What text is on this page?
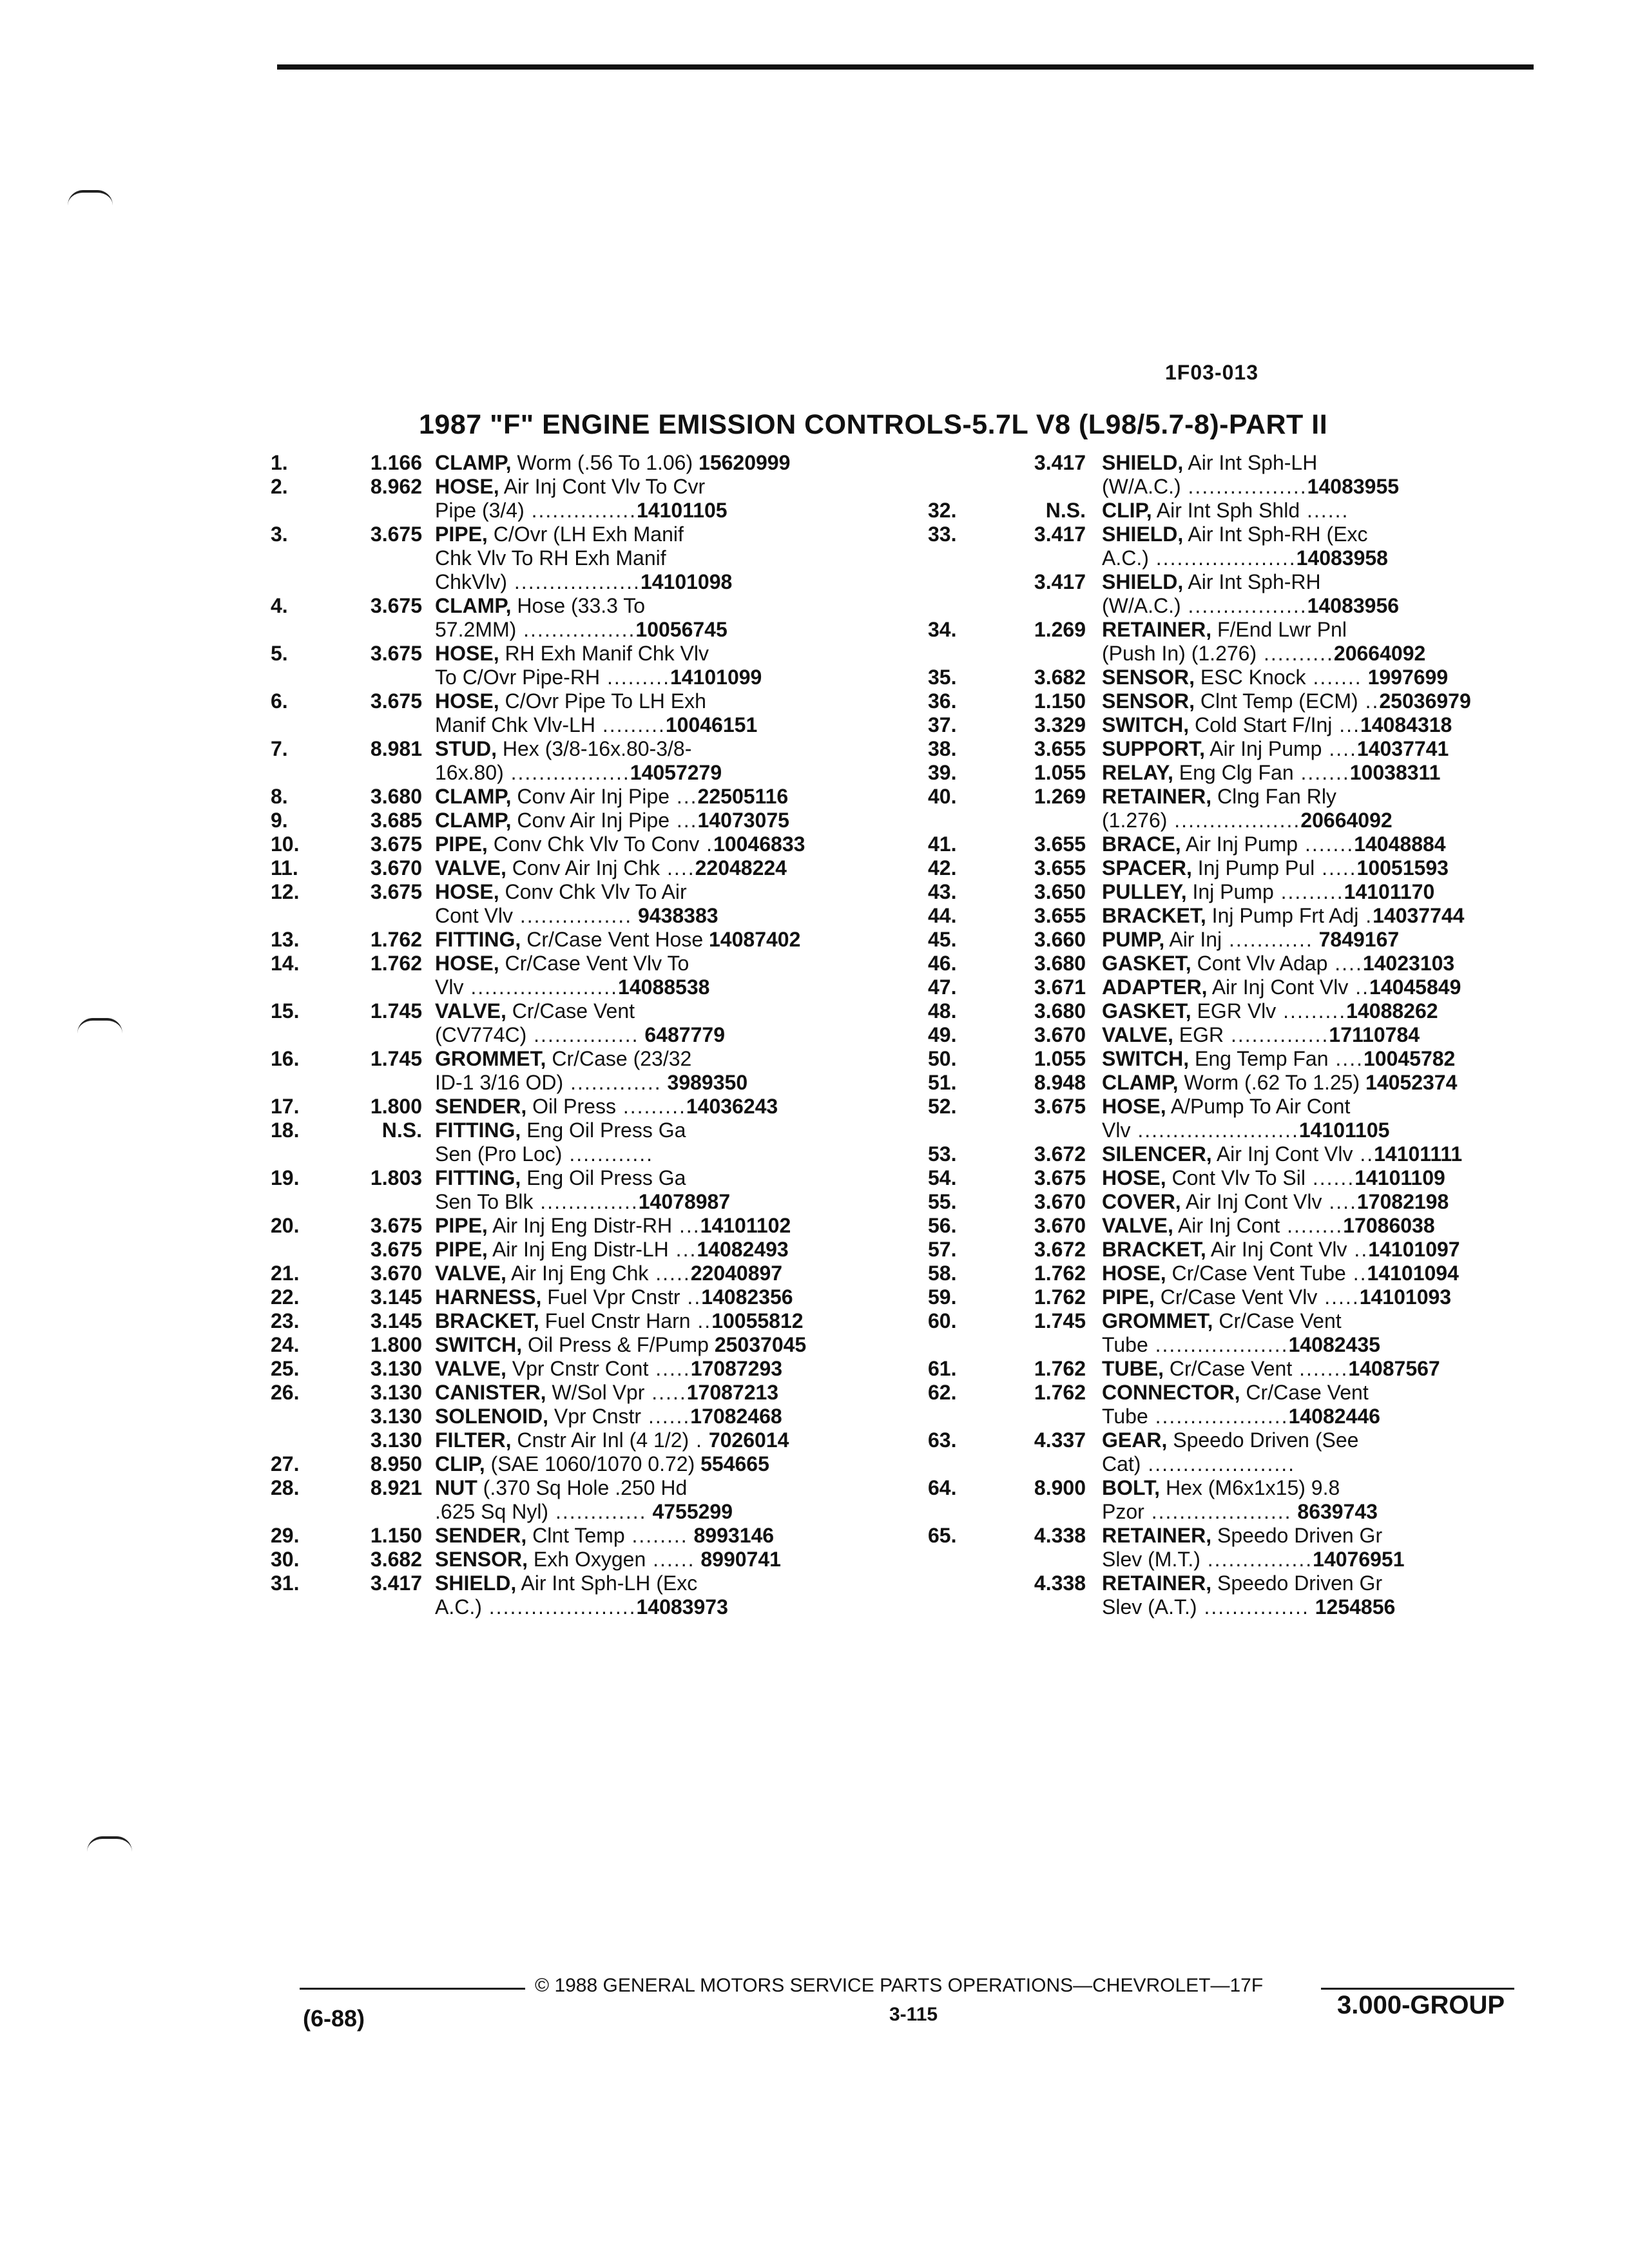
1F03-013
1987 "F" ENGINE EMISSION CONTROLS-5.7L V8 (L98/5.7-8)-PART II
1.	1.166 CLAMP, Worm (.56 To 1.06) 15620999
2.	8.962 HOSE, Air Inj Cont Vlv To Cvr
Pipe (3/4) ...............14101105
3.	3.675 PIPE, C/Ovr (LH Exh Manif
Chk Vlv To RH Exh Manif
ChkVlv) ..................14101098
4.	3.675 CLAMP, Hose (33.3 To
57.2MM) ................10056745
5.	3.675 HOSE, RH Exh Manif Chk Vlv
To C/Ovr Pipe-RH .........14101099
6.	3.675 HOSE, C/Ovr Pipe To LH Exh
Manif Chk Vlv-LH .........10046151
7.	8.981 STUD, Hex (3/8-16x.80-3/8-
16x.80) .................14057279
8.	3.680 CLAMP, Conv Air Inj Pipe ...22505116
9.	3.685 CLAMP, Conv Air Inj Pipe ...14073075
10.	3.675 PIPE, Conv Chk Vlv To Conv .10046833
11.	3.670 VALVE, Conv Air Inj Chk ....22048224
12.	3.675 HOSE, Conv Chk Vlv To Air
Cont Vlv ................ 9438383
13.	1.762 FITTING, Cr/Case Vent Hose 14087402
14.	1.762 HOSE, Cr/Case Vent Vlv To
Vlv .....................14088538
15.	1.745 VALVE, Cr/Case Vent
(CV774C) ............... 6487779
16.	1.745 GROMMET, Cr/Case (23/32
ID-1 3/16 OD) ............. 3989350
17.	1.800 SENDER, Oil Press .........14036243
18.	N.S. FITTING, Eng Oil Press Ga
Sen (Pro Loc) ............
19.	1.803 FITTING, Eng Oil Press Ga
Sen To Blk ..............14078987
20.	3.675 PIPE, Air Inj Eng Distr-RH ...14101102
3.675 PIPE, Air Inj Eng Distr-LH ...14082493
21.	3.670 VALVE, Air Inj Eng Chk .....22040897
22.	3.145 HARNESS, Fuel Vpr Cnstr ..14082356
23.	3.145 BRACKET, Fuel Cnstr Harn ..10055812
24.	1.800 SWITCH, Oil Press & F/Pump 25037045
25.	3.130 VALVE, Vpr Cnstr Cont .....17087293
26.	3.130 CANISTER, W/Sol Vpr .....17087213
3.130 SOLENOID, Vpr Cnstr ......17082468
3.130 FILTER, Cnstr Air Inl (4 1/2) . 7026014
27.	8.950 CLIP, (SAE 1060/1070 0.72) 554665
28.	8.921 NUT (.370 Sq Hole .250 Hd
.625 Sq Nyl) ............. 4755299
29.	1.150 SENDER, Clnt Temp ........ 8993146
30.	3.682 SENSOR, Exh Oxygen ...... 8990741
31.	3.417 SHIELD, Air Int Sph-LH (Exc
A.C.) .....................14083973
3.417 SHIELD, Air Int Sph-LH
(W/A.C.) .................14083955
32.	N.S. CLIP, Air Int Sph Shld ......
33.	3.417 SHIELD, Air Int Sph-RH (Exc
A.C.) ....................14083958
3.417 SHIELD, Air Int Sph-RH
(W/A.C.) .................14083956
34.	1.269 RETAINER, F/End Lwr Pnl
(Push In) (1.276) ..........20664092
35.	3.682 SENSOR, ESC Knock ....... 1997699
36.	1.150 SENSOR, Clnt Temp (ECM) ..25036979
37.	3.329 SWITCH, Cold Start F/Inj ...14084318
38.	3.655 SUPPORT, Air Inj Pump ....14037741
39.	1.055 RELAY, Eng Clg Fan .......10038311
40.	1.269 RETAINER, Clng Fan Rly
(1.276) ..................20664092
41.	3.655 BRACE, Air Inj Pump .......14048884
42.	3.655 SPACER, Inj Pump Pul .....10051593
43.	3.650 PULLEY, Inj Pump .........14101170
44.	3.655 BRACKET, Inj Pump Frt Adj .14037744
45.	3.660 PUMP, Air Inj ............ 7849167
46.	3.680 GASKET, Cont Vlv Adap ....14023103
47.	3.671 ADAPTER, Air Inj Cont Vlv ..14045849
48.	3.680 GASKET, EGR Vlv .........14088262
49.	3.670 VALVE, EGR ..............17110784
50.	1.055 SWITCH, Eng Temp Fan ....10045782
51.	8.948 CLAMP, Worm (.62 To 1.25) 14052374
52.	3.675 HOSE, A/Pump To Air Cont
Vlv .......................14101105
53.	3.672 SILENCER, Air Inj Cont Vlv ..14101111
54.	3.675 HOSE, Cont Vlv To Sil ......14101109
55.	3.670 COVER, Air Inj Cont Vlv ....17082198
56.	3.670 VALVE, Air Inj Cont ........17086038
57.	3.672 BRACKET, Air Inj Cont Vlv ..14101097
58.	1.762 HOSE, Cr/Case Vent Tube ..14101094
59.	1.762 PIPE, Cr/Case Vent Vlv .....14101093
60.	1.745 GROMMET, Cr/Case Vent
Tube ...................14082435
61.	1.762 TUBE, Cr/Case Vent .......14087567
62.	1.762 CONNECTOR, Cr/Case Vent
Tube ...................14082446
63.	4.337 GEAR, Speedo Driven (See
Cat) .....................
64.	8.900 BOLT, Hex (M6x1x15) 9.8
Pzor .................... 8639743
65.	4.338 RETAINER, Speedo Driven Gr
Slev (M.T.) ...............14076951
4.338 RETAINER, Speedo Driven Gr
Slev (A.T.) ............... 1254856
© 1988 GENERAL MOTORS SERVICE PARTS OPERATIONS—CHEVROLET—17F
3-115
(6-88)	3.000-GROUP
